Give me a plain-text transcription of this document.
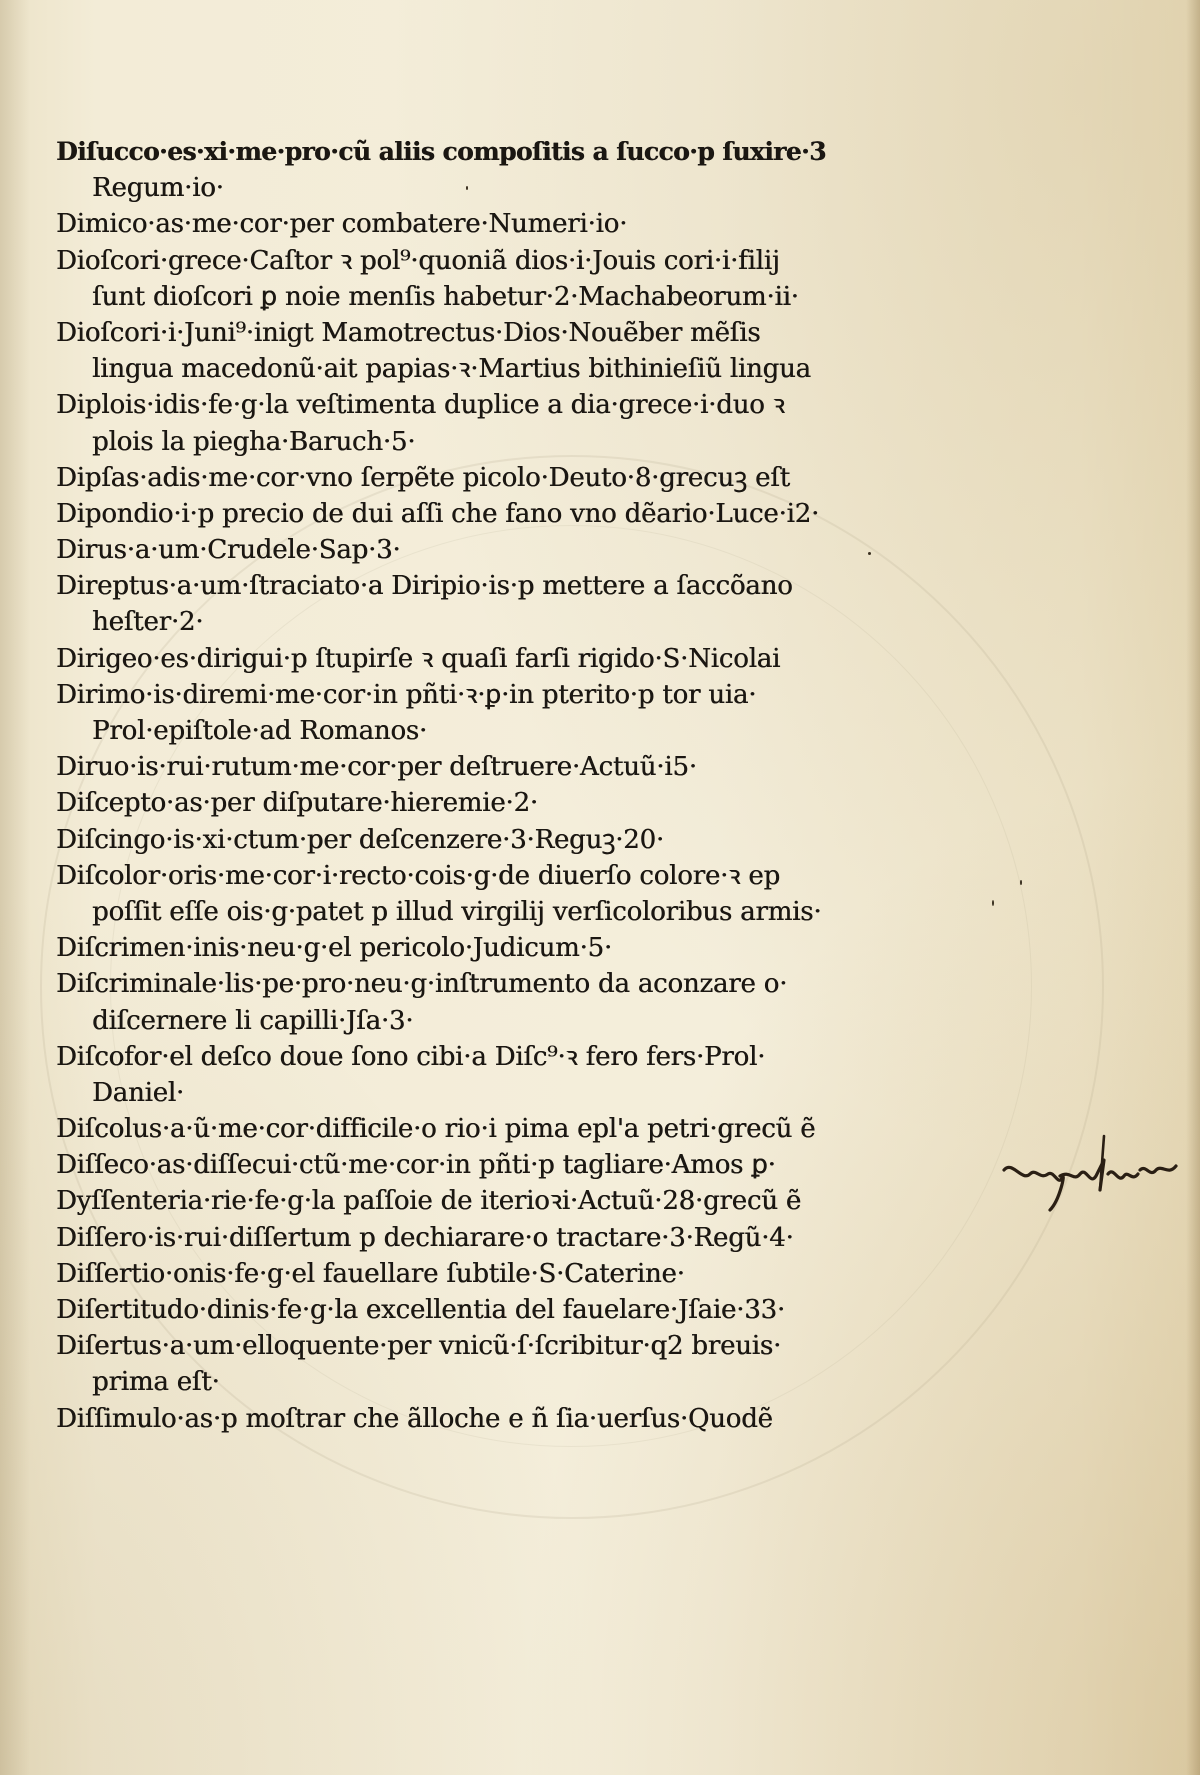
Diſucco·es·xi·me·pro·cũ aliis compoſitis a ſucco·p ſuxire·3
Regum·io·
Dimico·as·me·cor·per combatere·Numeri·io·
Dioſcori·grece·Caſtor ꝛ pol⁹·quoniã dios·i·Jouis cori·i·filij
ſunt dioſcori ꝑ noie menſis habetur·2·Machabeorum·ii·
Dioſcori·i·Juni⁹·inigt Mamotrectus·Dios·Nouẽber mẽſis
lingua macedonũ·ait papias·ꝛ·Martius bithinieſiũ lingua
Diplois·idis·fe·g·la veſtimenta duplice a dia·grece·i·duo ꝛ
plois la piegha·Baruch·5·
Dipſas·adis·me·cor·vno ſerpẽte picolo·Deuto·8·grecuꝫ eſt
Dipondio·i·p precio de dui aſſi che fano vno dẽario·Luce·i2·
Dirus·a·um·Crudele·Sap·3·
Direptus·a·um·ſtraciato·a Diripio·is·p mettere a ſaccõano
heſter·2·
Dirigeo·es·dirigui·p ſtupirſe ꝛ quaſi farſi rigido·S·Nicolai
Dirimo·is·diremi·me·cor·in pñti·ꝛ·ꝑ·in pterito·p tor uia·
Prol·epiſtole·ad Romanos·
Diruo·is·rui·rutum·me·cor·per deſtruere·Actuũ·i5·
Diſcepto·as·per diſputare·hieremie·2·
Diſcingo·is·xi·ctum·per deſcenzere·3·Reguꝫ·20·
Diſcolor·oris·me·cor·i·recto·cois·g·de diuerſo colore·ꝛ ep
poſſit eſſe ois·g·patet p illud virgilij verſicoloribus armis·
Diſcrimen·inis·neu·g·el pericolo·Judicum·5·
Diſcriminale·lis·pe·pro·neu·g·inſtrumento da aconzare o·
diſcernere li capilli·Jſa·3·
Diſcofor·el deſco doue ſono cibi·a Diſc⁹·ꝛ fero fers·Prol·
Daniel·
Diſcolus·a·ũ·me·cor·difficile·o rio·i pima epl'a petri·grecũ ẽ
Diſſeco·as·diſſecui·ctũ·me·cor·in pñti·p tagliare·Amos ꝑ·
Dyſſenteria·rie·fe·g·la paſſoie de iterioꝛi·Actuũ·28·grecũ ẽ
Diſſero·is·rui·diſſertum p dechiarare·o tractare·3·Regũ·4·
Diſſertio·onis·fe·g·el fauellare ſubtile·S·Caterine·
Diſertitudo·dinis·fe·g·la excellentia del fauelare·Jſaie·33·
Diſertus·a·um·elloquente·per vnicũ·ſ·ſcribitur·q2 breuis·
prima eſt·
Diſſimulo·as·p moſtrar che ãlloche e ñ ſia·uerſus·Quodẽ
